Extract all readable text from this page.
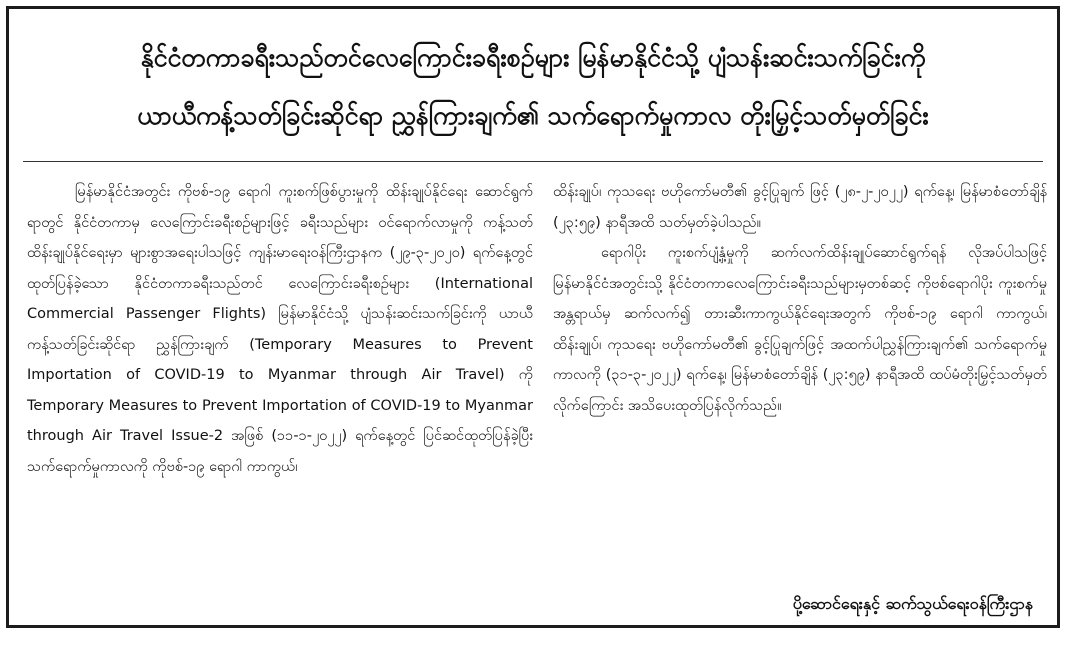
နိုင်ငံတကာခရီးသည်တင်လေကြောင်းခရီးစဉ်များ မြန်မာနိုင်ငံသို့ ပျံသန်းဆင်းသက်ခြင်းကို
ယာယီကန့်သတ်ခြင်းဆိုင်ရာ ညွှန်ကြားချက်၏ သက်ရောက်မှုကာလ တိုးမြှင့်သတ်မှတ်ခြင်း

မြန်မာနိုင်ငံအတွင်း ကိုဗစ်-၁၉ ရောဂါ ကူးစက်ဖြစ်ပွားမှုကို ထိန်းချုပ်နိုင်ရေး ဆောင်ရွက်ရာတွင် နိုင်ငံတကာမှ လေကြောင်းခရီးစဉ်များဖြင့် ခရီးသည်များ ဝင်ရောက်လာမှုကို ကန့်သတ်ထိန်းချုပ်နိုင်ရေးမှာ များစွာအရေးပါသဖြင့် ကျန်းမာရေးဝန်ကြီးဌာနက (၂၉-၃-၂၀၂၀) ရက်နေ့တွင် ထုတ်ပြန်ခဲ့သော နိုင်ငံတကာခရီးသည်တင် လေကြောင်းခရီးစဉ်များ (International Commercial Passenger Flights) မြန်မာနိုင်ငံသို့ ပျံသန်းဆင်းသက်ခြင်းကို ယာယီကန့်သတ်ခြင်းဆိုင်ရာ ညွှန်ကြားချက် (Temporary Measures to Prevent Importation of COVID-19 to Myanmar through Air Travel) ကို Temporary Measures to Prevent Importation of COVID-19 to Myanmar through Air Travel Issue-2 အဖြစ် (၁၁-၁-၂၀၂၂) ရက်နေ့တွင် ပြင်ဆင်ထုတ်ပြန်ခဲ့ပြီး သက်ရောက်မှုကာလကို ကိုဗစ်-၁၉ ရောဂါ ကာကွယ်၊

ထိန်းချုပ်၊ ကုသရေး ဗဟိုကော်မတီ၏ ခွင့်ပြုချက် ဖြင့် (၂၈-၂-၂၀၂၂) ရက်နေ့၊ မြန်မာစံတော်ချိန် (၂၃:၅၉) နာရီအထိ သတ်မှတ်ခဲ့ပါသည်။

ရောဂါပိုး ကူးစက်ပျံ့နှံ့မှုကို ဆက်လက်ထိန်းချုပ်ဆောင်ရွက်ရန် လိုအပ်ပါသဖြင့် မြန်မာနိုင်ငံအတွင်းသို့ နိုင်ငံတကာလေကြောင်းခရီးသည်များမှတစ်ဆင့် ကိုဗစ်ရောဂါပိုး ကူးစက်မှု အန္တရာယ်မှ ဆက်လက်၍ တားဆီးကာကွယ်နိုင်ရေးအတွက် ကိုဗစ်-၁၉ ရောဂါ ကာကွယ်၊ ထိန်းချုပ်၊ ကုသရေး ဗဟိုကော်မတီ၏ ခွင့်ပြုချက်ဖြင့် အထက်ပါညွှန်ကြားချက်၏ သက်ရောက်မှုကာလကို (၃၁-၃-၂၀၂၂) ရက်နေ့၊ မြန်မာစံတော်ချိန် (၂၃:၅၉) နာရီအထိ ထပ်မံတိုးမြှင့်သတ်မှတ်လိုက်ကြောင်း အသိပေးထုတ်ပြန်လိုက်သည်။

ပို့ဆောင်ရေးနှင့် ဆက်သွယ်ရေးဝန်ကြီးဌာန
